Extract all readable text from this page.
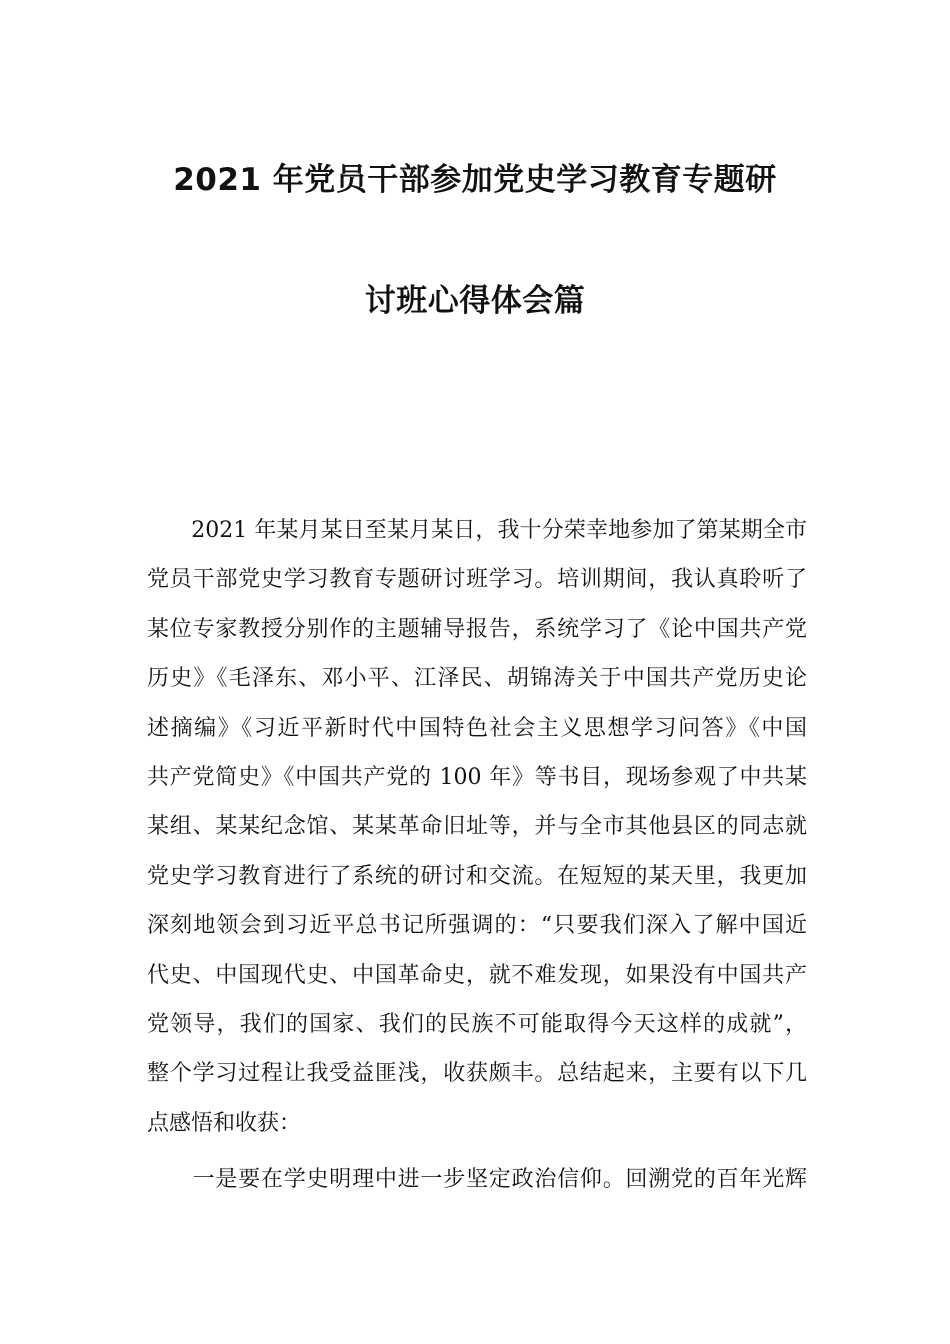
2021 年党员干部参加党史学习教育专题研
讨班心得体会篇
　　2021 年某月某日至某月某日，我十分荣幸地参加了第某期全市
党员干部党史学习教育专题研讨班学习。培训期间，我认真聆听了
某位专家教授分别作的主题辅导报告，系统学习了《论中国共产党
历史》《毛泽东、邓小平、江泽民、胡锦涛关于中国共产党历史论
述摘编》《习近平新时代中国特色社会主义思想学习问答》《中国
共产党简史》《中国共产党的 100 年》等书目，现场参观了中共某
某组、某某纪念馆、某某革命旧址等，并与全市其他县区的同志就
党史学习教育进行了系统的研讨和交流。在短短的某天里，我更加
深刻地领会到习近平总书记所强调的：“只要我们深入了解中国近
代史、中国现代史、中国革命史，就不难发现，如果没有中国共产
党领导，我们的国家、我们的民族不可能取得今天这样的成就”，
整个学习过程让我受益匪浅，收获颇丰。总结起来，主要有以下几
点感悟和收获：
　　一是要在学史明理中进一步坚定政治信仰。回溯党的百年光辉
